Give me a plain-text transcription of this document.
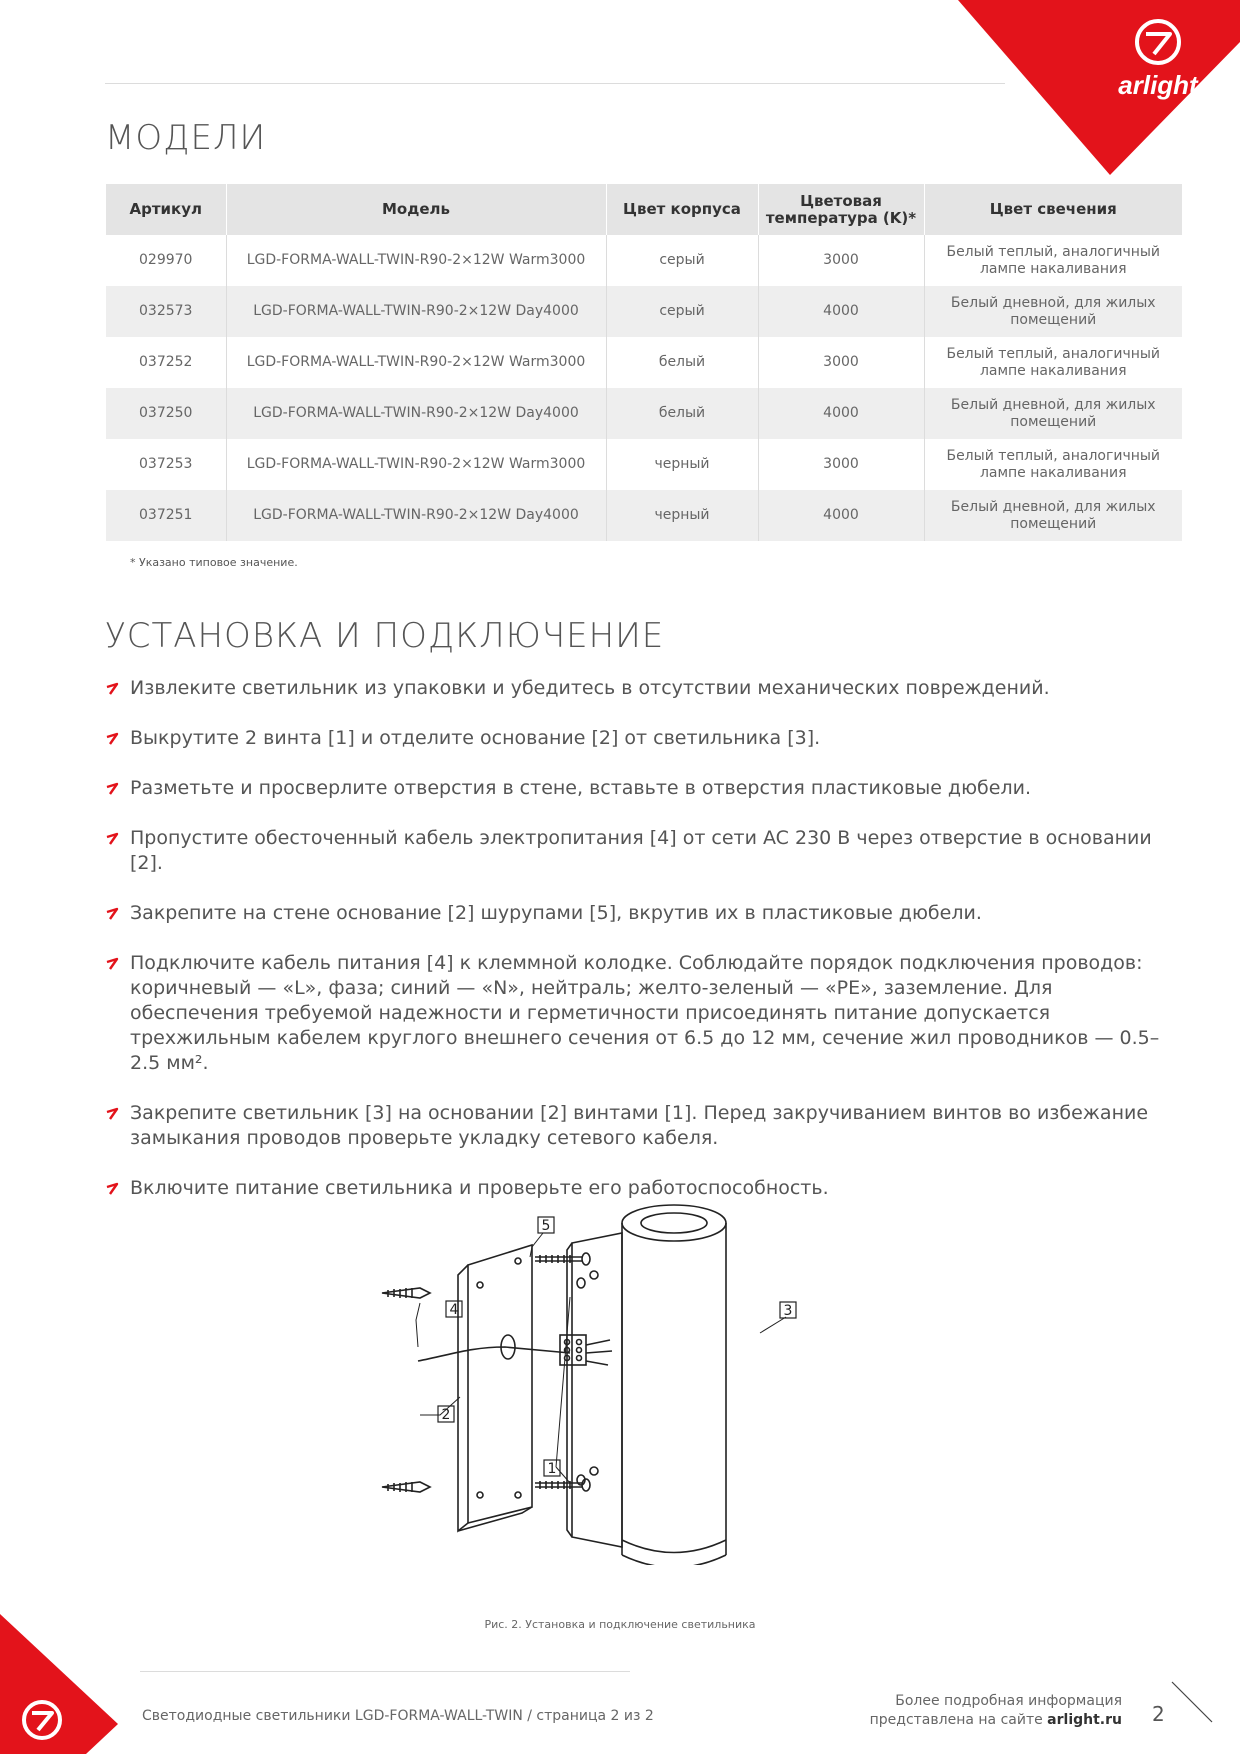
arlight
МОДЕЛИ
Артикул	Модель	Цвет корпуса	Цветовая температура (K)*	Цвет свечения
029970	LGD-FORMA-WALL-TWIN-R90-2×12W Warm3000	серый	3000	Белый теплый, аналогичный лампе накаливания
032573	LGD-FORMA-WALL-TWIN-R90-2×12W Day4000	серый	4000	Белый дневной, для жилых помещений
037252	LGD-FORMA-WALL-TWIN-R90-2×12W Warm3000	белый	3000	Белый теплый, аналогичный лампе накаливания
037250	LGD-FORMA-WALL-TWIN-R90-2×12W Day4000	белый	4000	Белый дневной, для жилых помещений
037253	LGD-FORMA-WALL-TWIN-R90-2×12W Warm3000	черный	3000	Белый теплый, аналогичный лампе накаливания
037251	LGD-FORMA-WALL-TWIN-R90-2×12W Day4000	черный	4000	Белый дневной, для жилых помещений
* Указано типовое значение.
УСТАНОВКА И ПОДКЛЮЧЕНИЕ
Извлеките светильник из упаковки и убедитесь в отсутствии механических повреждений.
Выкрутите 2 винта [1] и отделите основание [2] от светильника [3].
Разметьте и просверлите отверстия в стене, вставьте в отверстия пластиковые дюбели.
Пропустите обесточенный кабель электропитания [4] от сети AC 230 В через отверстие в основании [2].
Закрепите на стене основание [2] шурупами [5], вкрутив их в пластиковые дюбели.
Подключите кабель питания [4] к клеммной колодке. Соблюдайте порядок подключения проводов: коричневый — «L», фаза; синий — «N», нейтраль; желто-зеленый — «PE», заземление. Для обеспечения требуемой надежности и герметичности присоединять питание допускается трехжильным кабелем круглого внешнего сечения от 6.5 до 12 мм, сечение жил проводников — 0.5–2.5 мм².
Закрепите светильник [3] на основании [2] винтами [1]. Перед закручиванием винтов во избежание замыкания проводов проверьте укладку сетевого кабеля.
Включите питание светильника и проверьте его работоспособность.
1
2
3
4
5
Рис. 2. Установка и подключение светильника
Светодиодные светильники LGD-FORMA-WALL-TWIN / страница 2 из 2
Более подробная информация
представлена на сайте arlight.ru 2
